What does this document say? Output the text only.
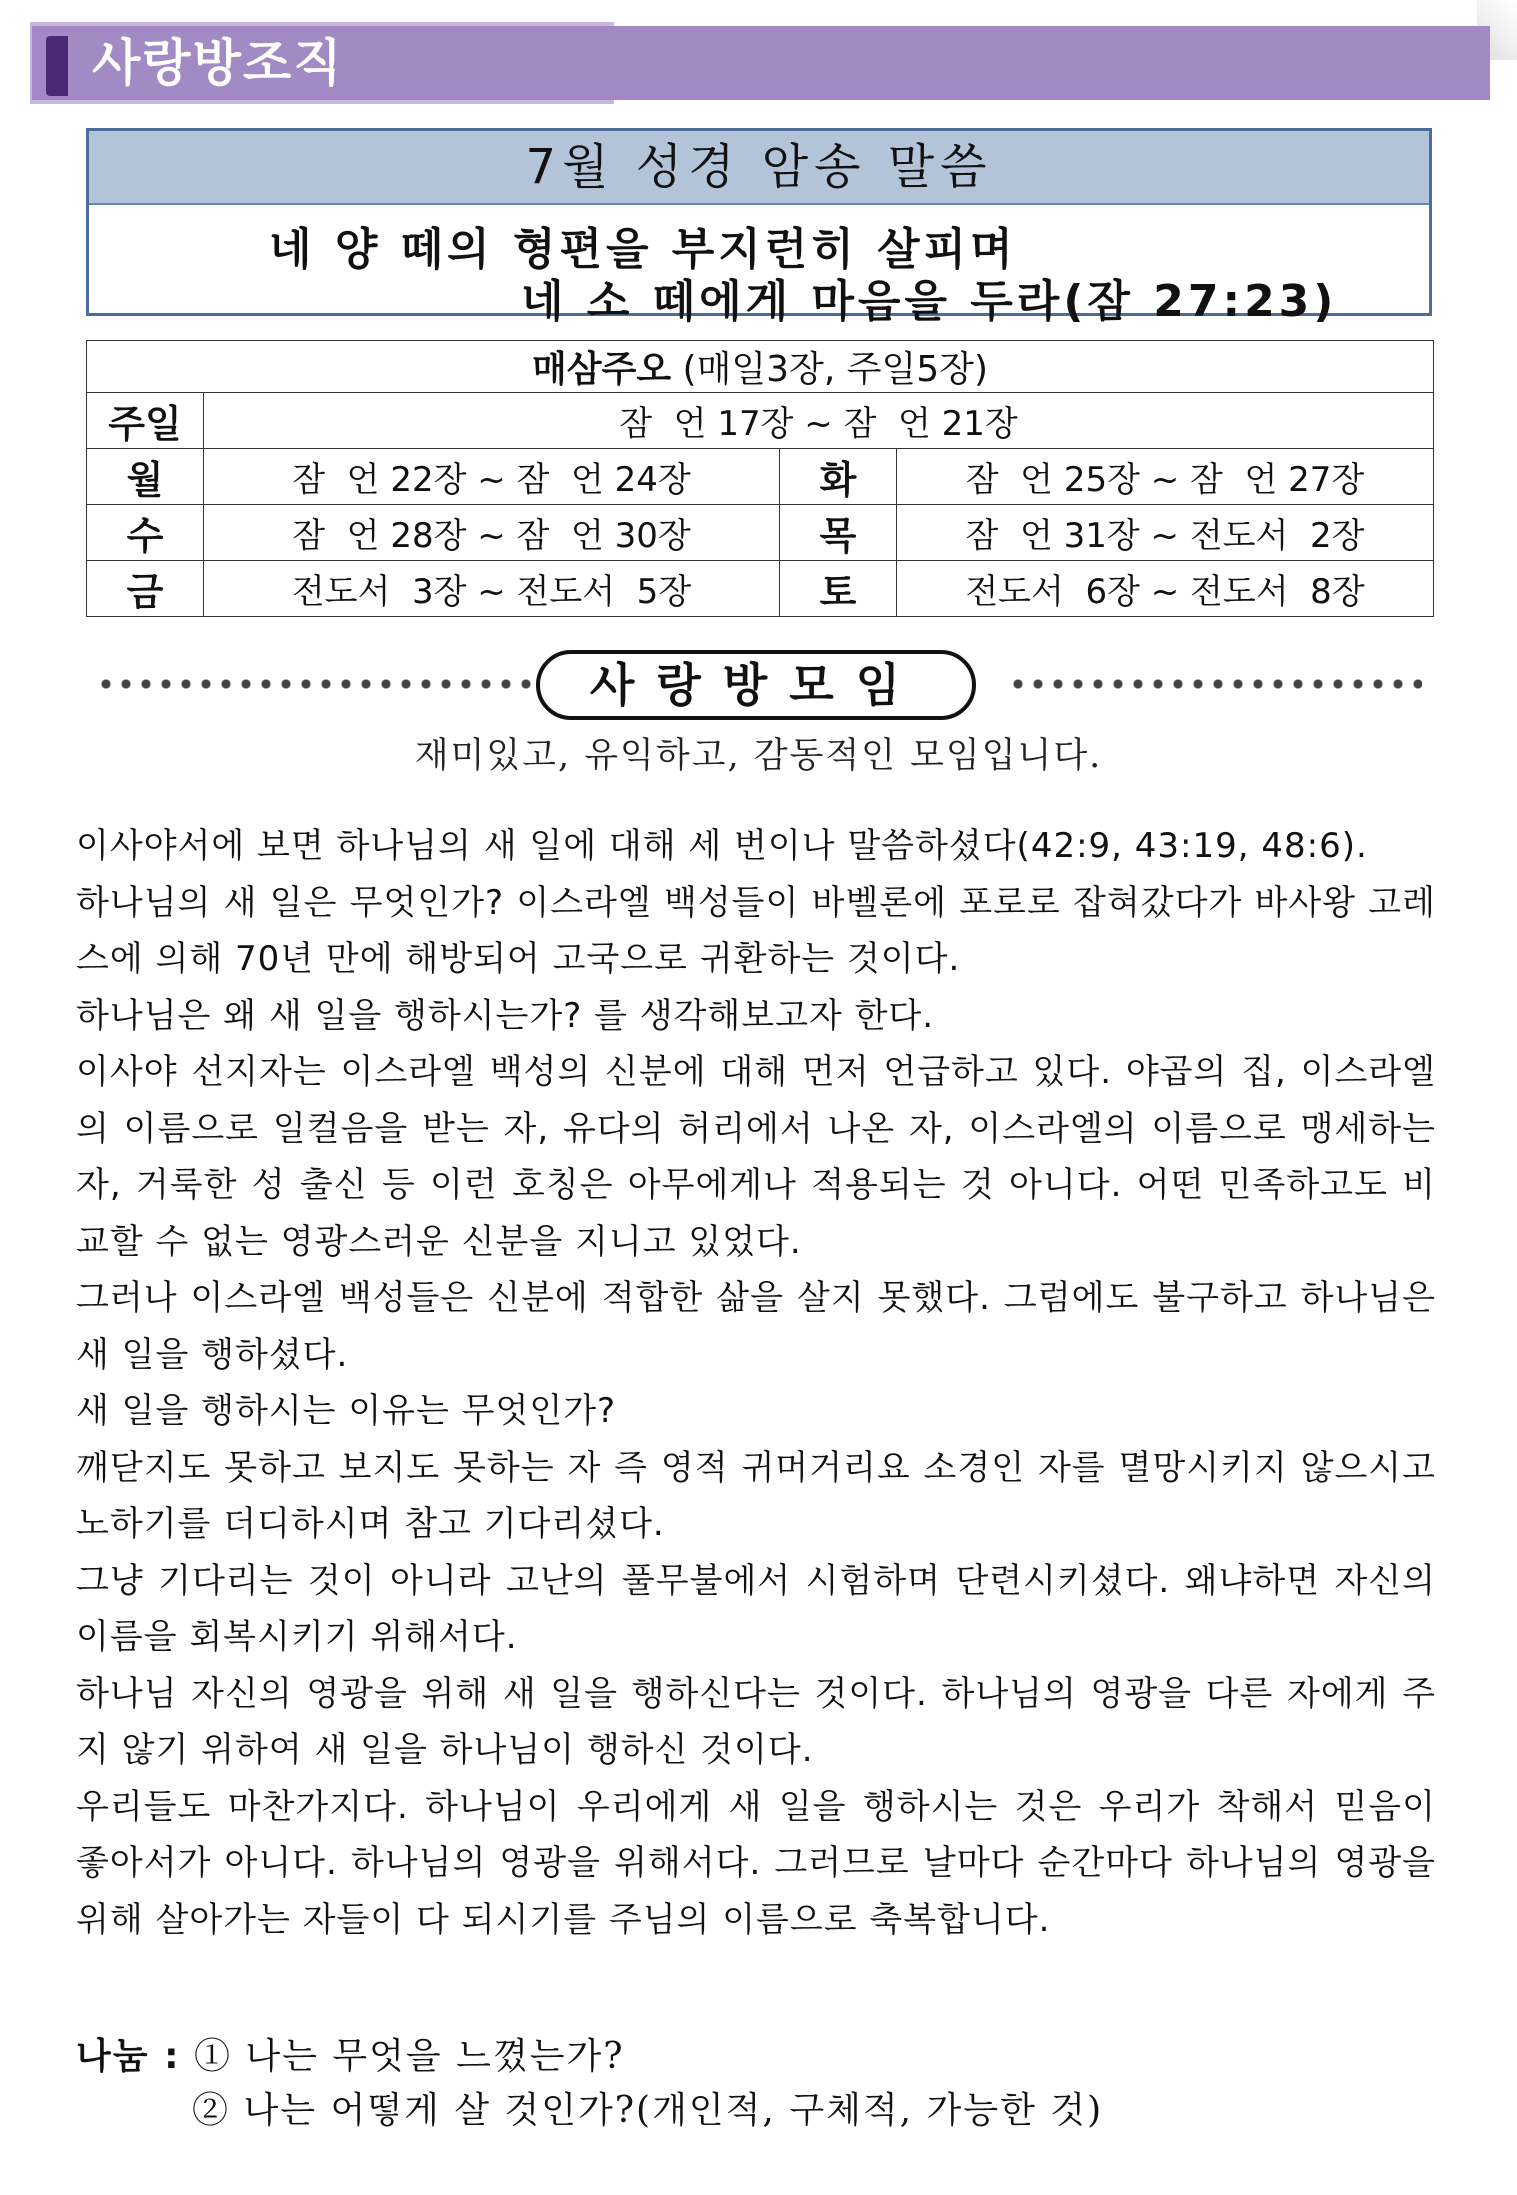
사랑방조직
7월 성경 암송 말씀
네 양 떼의 형편을 부지런히 살피며
네 소 떼에게 마음을 두라(잠 27:23)
매삼주오 (매일3장, 주일5장)			
주일	잠  언 17장 ~ 잠  언 21장		
월	잠  언 22장 ~ 잠  언 24장	화	잠  언 25장 ~ 잠  언 27장
수	잠  언 28장 ~ 잠  언 30장	목	잠  언 31장 ~ 전도서  2장
금	전도서  3장 ~ 전도서  5장	토	전도서  6장 ~ 전도서  8장
사랑방모임
재미있고, 유익하고, 감동적인 모임입니다.

이사야서에 보면 하나님의 새 일에 대해 세 번이나 말씀하셨다(42:9, 43:19, 48:6).

하나님의 새 일은 무엇인가? 이스라엘 백성들이 바벨론에 포로로 잡혀갔다가 바사왕 고레스에 의해 70년 만에 해방되어 고국으로 귀환하는 것이다.

하나님은 왜 새 일을 행하시는가? 를 생각해보고자 한다.

이사야 선지자는 이스라엘 백성의 신분에 대해 먼저 언급하고 있다. 야곱의 집, 이스라엘의 이름으로 일컬음을 받는 자, 유다의 허리에서 나온 자, 이스라엘의 이름으로 맹세하는 자, 거룩한 성 출신 등 이런 호칭은 아무에게나 적용되는 것 아니다. 어떤 민족하고도 비교할 수 없는 영광스러운 신분을 지니고 있었다.

그러나 이스라엘 백성들은 신분에 적합한 삶을 살지 못했다. 그럼에도 불구하고 하나님은 새 일을 행하셨다.

새 일을 행하시는 이유는 무엇인가?

깨닫지도 못하고 보지도 못하는 자 즉 영적 귀머거리요 소경인 자를 멸망시키지 않으시고 노하기를 더디하시며 참고 기다리셨다.

그냥 기다리는 것이 아니라 고난의 풀무불에서 시험하며 단련시키셨다. 왜냐하면 자신의 이름을 회복시키기 위해서다.

하나님 자신의 영광을 위해 새 일을 행하신다는 것이다. 하나님의 영광을 다른 자에게 주지 않기 위하여 새 일을 하나님이 행하신 것이다.

우리들도 마찬가지다. 하나님이 우리에게 새 일을 행하시는 것은 우리가 착해서 믿음이 좋아서가 아니다. 하나님의 영광을 위해서다. 그러므로 날마다 순간마다 하나님의 영광을 위해 살아가는 자들이 다 되시기를 주님의 이름으로 축복합니다.

나눔 : ① 나는 무엇을 느꼈는가?
② 나는 어떻게 살 것인가?(개인적, 구체적, 가능한 것)
